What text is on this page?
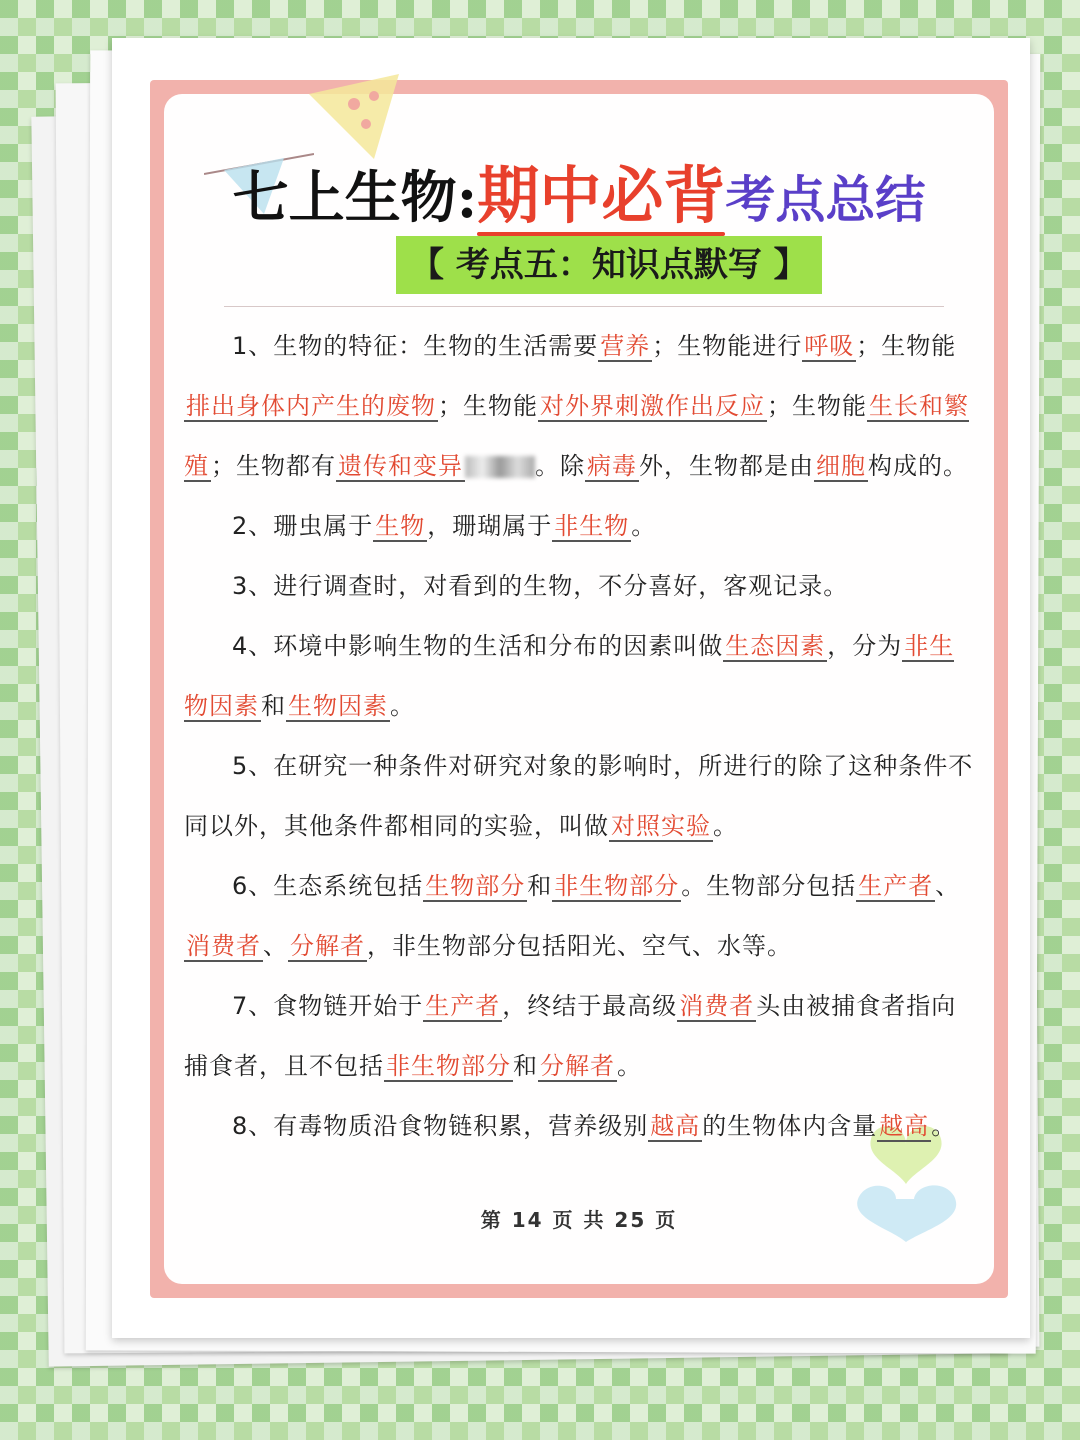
七上生物:期中必背考点总结
【 考点五：知识点默写 】

1、生物的特征：生物的生活需要营养；生物能进行呼吸；生物能排出身体内产生的废物；生物能对外界刺激作出反应；生物能生长和繁殖；生物都有遗传和变异	。除病毒外，生物都是由细胞构成的。

2、珊虫属于生物，珊瑚属于非生物。

3、进行调查时，对看到的生物，不分喜好，客观记录。

4、环境中影响生物的生活和分布的因素叫做生态因素，分为非生物因素和生物因素。

5、在研究一种条件对研究对象的影响时，所进行的除了这种条件不同以外，其他条件都相同的实验，叫做对照实验。

6、生态系统包括生物部分和非生物部分。生物部分包括生产者、消费者、分解者，非生物部分包括阳光、空气、水等。

7、食物链开始于生产者，终结于最高级消费者头由被捕食者指向捕食者，且不包括非生物部分和分解者。

8、有毒物质沿食物链积累，营养级别越高的生物体内含量越高。

第 14 页 共 25 页
